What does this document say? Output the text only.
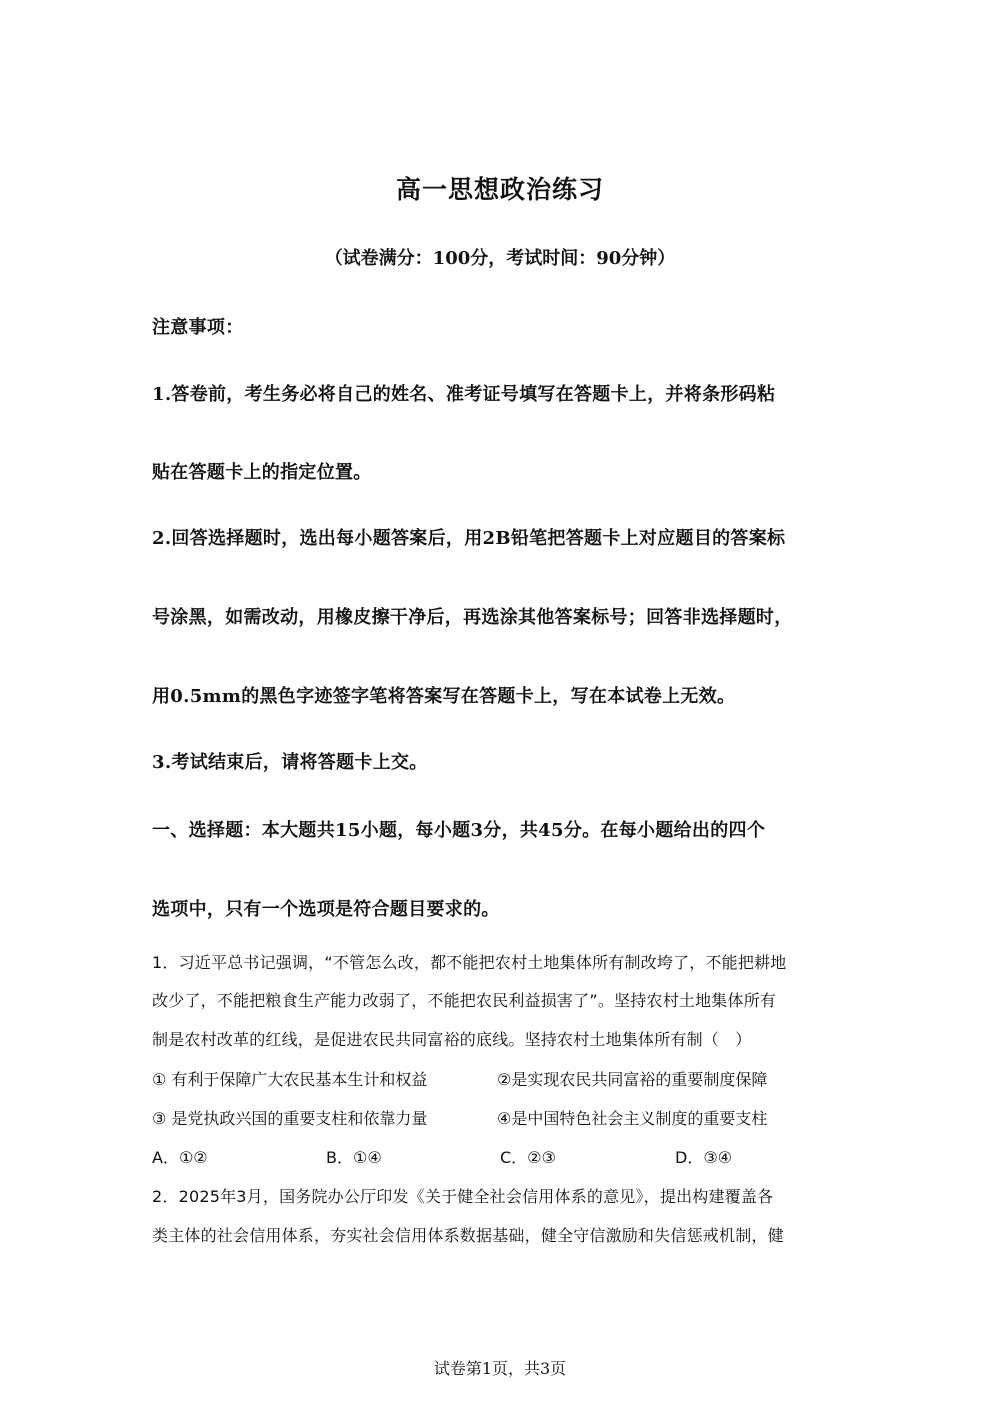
高一思想政治练习
（试卷满分：100分，考试时间：90分钟）
注意事项：
1.答卷前，考生务必将自己的姓名、准考证号填写在答题卡上，并将条形码粘
贴在答题卡上的指定位置。
2.回答选择题时，选出每小题答案后，用2B铅笔把答题卡上对应题目的答案标
号涂黑，如需改动，用橡皮擦干净后，再选涂其他答案标号；回答非选择题时，
用0.5mm的黑色字迹签字笔将答案写在答题卡上，写在本试卷上无效。
3.考试结束后，请将答题卡上交。
一、选择题：本大题共15小题，每小题3分，共45分。在每小题给出的四个
选项中，只有一个选项是符合题目要求的。
1．习近平总书记强调，“不管怎么改，都不能把农村土地集体所有制改垮了，不能把耕地
改少了，不能把粮食生产能力改弱了，不能把农民利益损害了”。坚持农村土地集体所有
制是农村改革的红线，是促进农民共同富裕的底线。坚持农村土地集体所有制（　）
① 有利于保障广大农民基本生计和权益	②是实现农民共同富裕的重要制度保障
③ 是党执政兴国的重要支柱和依靠力量	④是中国特色社会主义制度的重要支柱
A．①②	B．①④	C．②③	D．③④
2．2025年3月，国务院办公厅印发《关于健全社会信用体系的意见》，提出构建覆盖各
类主体的社会信用体系，夯实社会信用体系数据基础，健全守信激励和失信惩戒机制，健
试卷第1页，共3页
